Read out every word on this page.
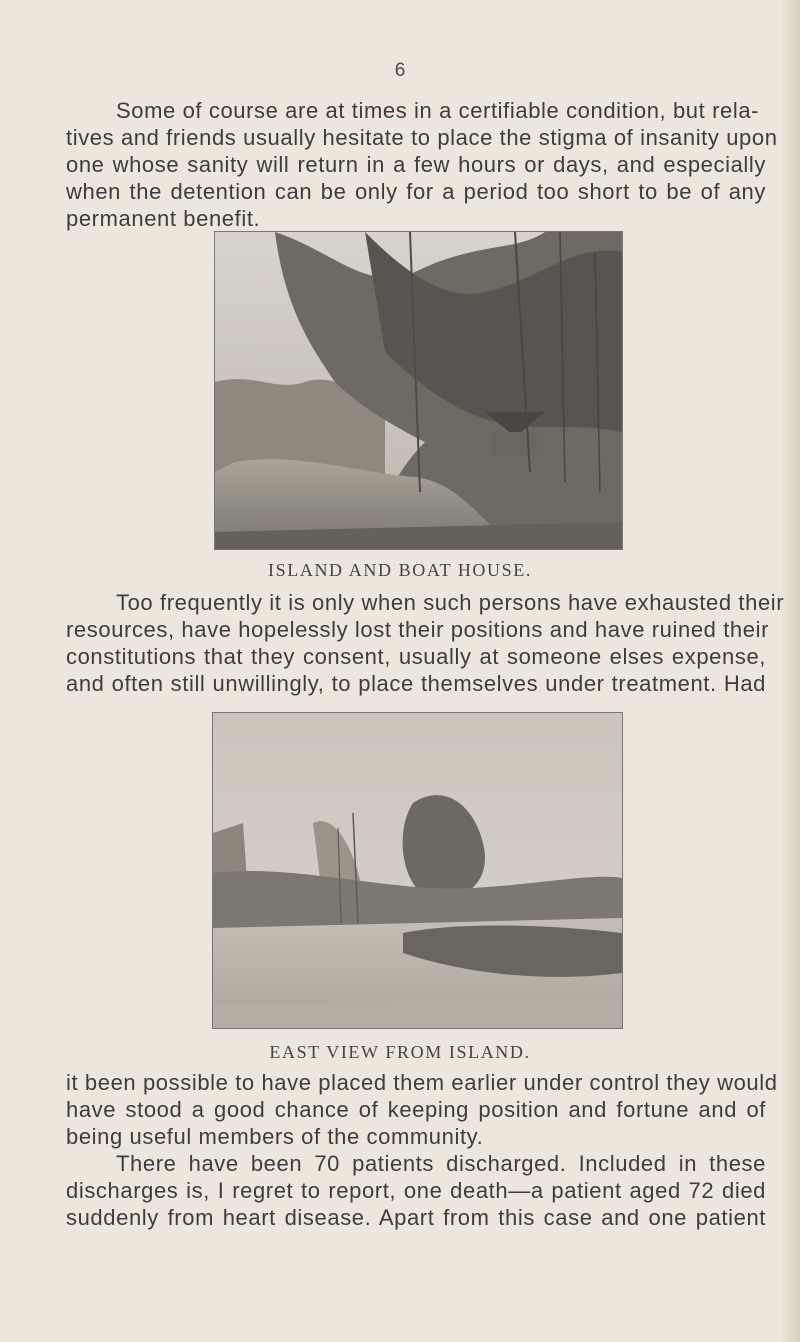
6

Some of course are at times in a certifiable condition, but rela-
tives and friends usually hesitate to place the stigma of insanity upon
one whose sanity will return in a few hours or days, and especially
when the detention can be only for a period too short to be of any
permanent benefit.

ISLAND AND BOAT HOUSE.

Too frequently it is only when such persons have exhausted their
resources, have hopelessly lost their positions and have ruined their
constitutions that they consent, usually at someone elses expense,
and often still unwillingly, to place themselves under treatment. Had

EAST VIEW FROM ISLAND.

it been possible to have placed them earlier under control they would
have stood a good chance of keeping position and fortune and of
being useful members of the community.

There have been 70 patients discharged. Included in these
discharges is, I regret to report, one death—a patient aged 72 died
suddenly from heart disease. Apart from this case and one patient
